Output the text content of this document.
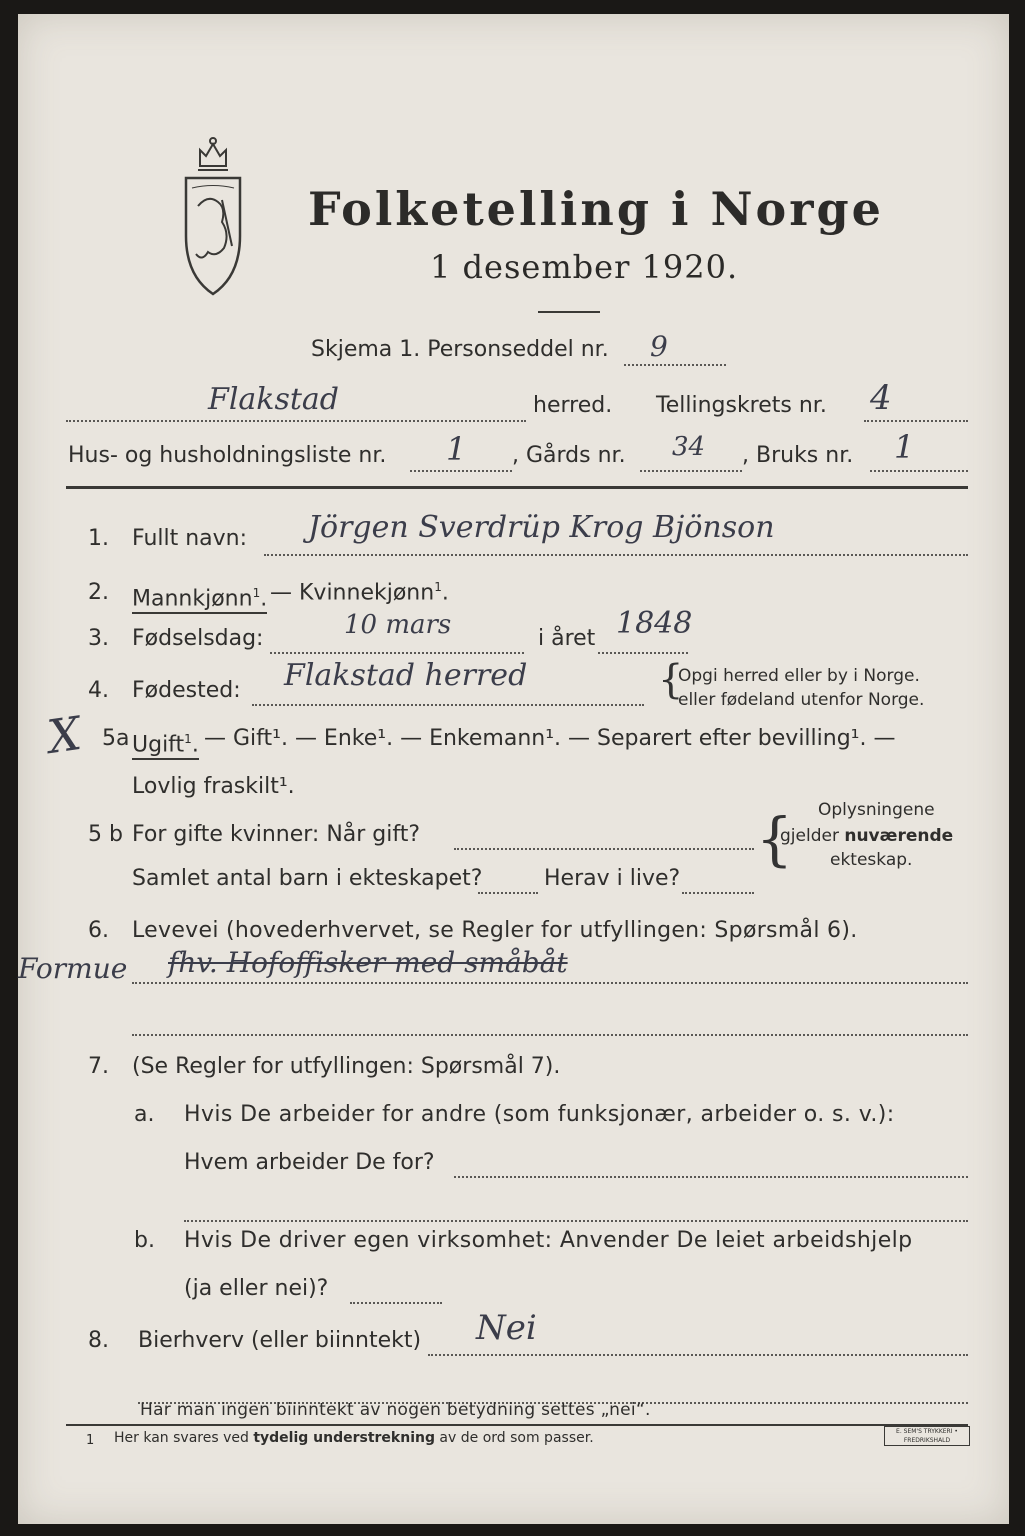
Folketelling i Norge
1 desember 1920.
Skjema 1. Personseddel nr. 9
Flakstad	herred. Tellingskrets nr. 4
Hus- og husholdningsliste nr. 1 , Gårds nr. 34 , Bruks nr. 1
1. Fullt navn: Jörgen Sverdrüp Krog Bjönson
2. Mannkjønn$^1$. — Kvinnekjønn$^1$.
3. Fødselsdag:	10 mars	i året 1848
4. Fødested: Flakstad herred	{
Opgi herred eller by i Norge.
eller fødeland utenfor Norge.
X 5a Ugift$^1$. — Gift¹. — Enke¹. — Enkemann¹. — Separert efter bevilling¹. —
Lovlig fraskilt¹.
5 b For gifte kvinner: Når gift?
Samlet antal barn i ekteskapet?	Herav i live?
{ Oplysningene
gjelder nuværende
ekteskap.
6. Levevei (hovederhvervet, se Regler for utfyllingen: Spørsmål 6).
Formue fhv. Hofoffisker med småbåt
7. (Se Regler for utfyllingen: Spørsmål 7).
a. Hvis De arbeider for andre (som funksjonær, arbeider o. s. v.):
Hvem arbeider De for?
b. Hvis De driver egen virksomhet: Anvender De leiet arbeidshjelp
(ja eller nei)?
8. Bierhverv (eller biinntekt) Nei
Har man ingen biinntekt av nogen betydning settes „nei“.
1 Her kan svares ved tydelig understrekning av de ord som passer.	E. SEM'S TRYKKERI • FREDRIKSHALD
